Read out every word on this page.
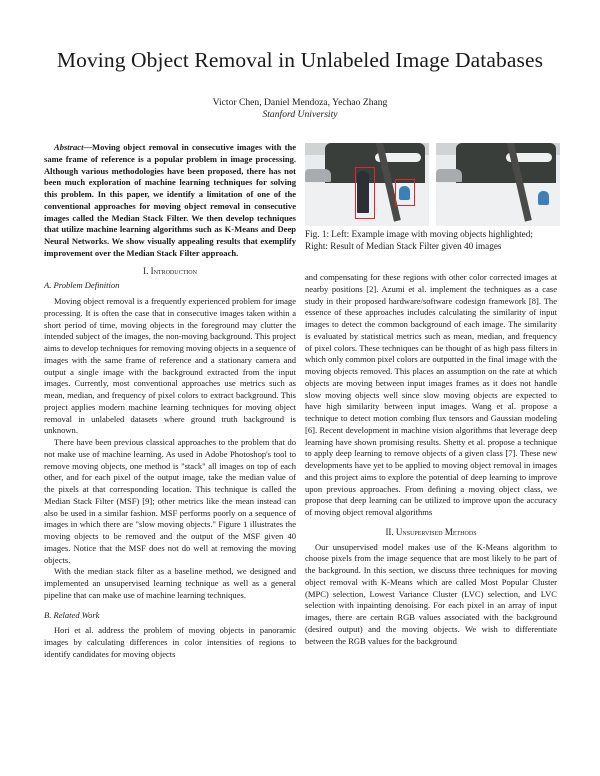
Moving Object Removal in Unlabeled Image Databases
Victor Chen, Daniel Mendoza, Yechao Zhang
Stanford University

Abstract—Moving object removal in consecutive images with the same frame of reference is a popular problem in image processing. Although various methodologies have been proposed, there has not been much exploration of machine learning techniques for solving this problem. In this paper, we identify a limitation of one of the conventional approaches for moving object removal in consecutive images called the Median Stack Filter. We then develop techniques that utilize machine learning algorithms such as K-Means and Deep Neural Networks. We show visually appealing results that exemplify improvement over the Median Stack Filter approach.

I. Introduction
A. Problem Definition

Moving object removal is a frequently experienced problem for image processing. It is often the case that in consecutive images taken within a short period of time, moving objects in the foreground may clutter the intended subject of the images, the non-moving background. This project aims to develop techniques for removing moving objects in a sequence of images with the same frame of reference and a stationary camera and output a single image with the background extracted from the input images. Currently, most conventional approaches use metrics such as mean, median, and frequency of pixel colors to extract background. This project applies modern machine learning techniques for moving object removal in unlabeled datasets where ground truth background is unknown.

There have been previous classical approaches to the problem that do not make use of machine learning. As used in Adobe Photoshop's tool to remove moving objects, one method is "stack" all images on top of each other, and for each pixel of the output image, take the median value of the pixels at that corresponding location. This technique is called the Median Stack Filter (MSF) [9]; other metrics like the mean instead can also be used in a similar fashion. MSF performs poorly on a sequence of images in which there are "slow moving objects." Figure 1 illustrates the moving objects to be removed and the output of the MSF given 40 images. Notice that the MSF does not do well at removing the moving objects.

With the median stack filter as a baseline method, we designed and implemented an unsupervised learning technique as well as a general pipeline that can make use of machine learning techniques.

B. Related Work

Hori et al. address the problem of moving objects in panoramic images by calculating differences in color intensities of regions to identify candidates for moving objects

Fig. 1: Left: Example image with moving objects highlighted;
Right: Result of Median Stack Filter given 40 images

and compensating for these regions with other color corrected images at nearby positions [2]. Azumi et al. implement the techniques as a case study in their proposed hardware/software codesign framework [8]. The essence of these approaches includes calculating the similarity of input images to detect the common background of each image. The similarity is evaluated by statistical metrics such as mean, median, and frequency of pixel colors. These techniques can be thought of as high pass filters in which only common pixel colors are outputted in the final image with the moving objects removed. This places an assumption on the rate at which objects are moving between input images frames as it does not handle slow moving objects well since slow moving objects are expected to have high similarity between input images. Wang et al. propose a technique to detect motion combing flux tensors and Gaussian modeling [6]. Recent development in machine vision algorithms that leverage deep learning have shown promising results. Shetty et al. propose a technique to apply deep learning to remove objects of a given class [7]. These new developments have yet to be applied to moving object removal in images and this project aims to explore the potential of deep learning to improve upon previous approaches. From defining a moving object class, we propose that deep learning can be utilized to improve upon the accuracy of moving object removal algorithms

II. Unsupervised Methods

Our unsupervised model makes use of the K-Means algorithm to choose pixels from the image sequence that are most likely to be part of the background. In this section, we discuss three techniques for moving object removal with K-Means which are called Most Popular Cluster (MPC) selection, Lowest Variance Cluster (LVC) selection, and LVC selection with inpainting denoising. For each pixel in an array of input images, there are certain RGB values associated with the background (desired output) and the moving objects. We wish to differentiate between the RGB values for the background
